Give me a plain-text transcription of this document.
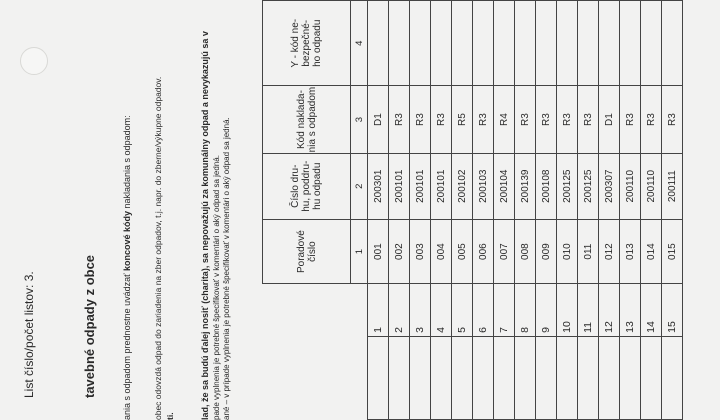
List číslo/počet listov: 3.	tavebné odpady z obce	ania s odpadom prednostne uvádzať koncové kódy nakladania s odpadom: obec odovzdá odpad do zariadenia na zber odpadov, t.j. napr. do zberne/výkupne odpadov. ti.	lad, že sa budú ďalej nosiť (charita), sa nepovažujú za komunálny odpad a nevykazujú sa v pade vyplnenia je potrebné špecifikovať v komentári o aký odpad sa jedná. ané – v prípade vyplnenia je potrebné špecifikovať v komentári o aký odpad sa jedná.
			Poradové číslo	Číslo dru-
hu, poddru-
hu odpadu	Kód naklada-
nia s odpadom	Y - kód ne-
bezpečné-
ho odpadu
		1	2	3	4
	1	001	200301	D1	
	2	002	200101	R3	
	3	003	200101	R3	
	4	004	200101	R3	
	5	005	200102	R5	
	6	006	200103	R3	
	7	007	200104	R4	
	8	008	200139	R3	
	9	009	200108	R3	
	10	010	200125	R3	
	11	011	200125	R3	
	12	012	200307	D1	
	13	013	200110	R3	
	14	014	200110	R3	
	15	015	200111	R3	
